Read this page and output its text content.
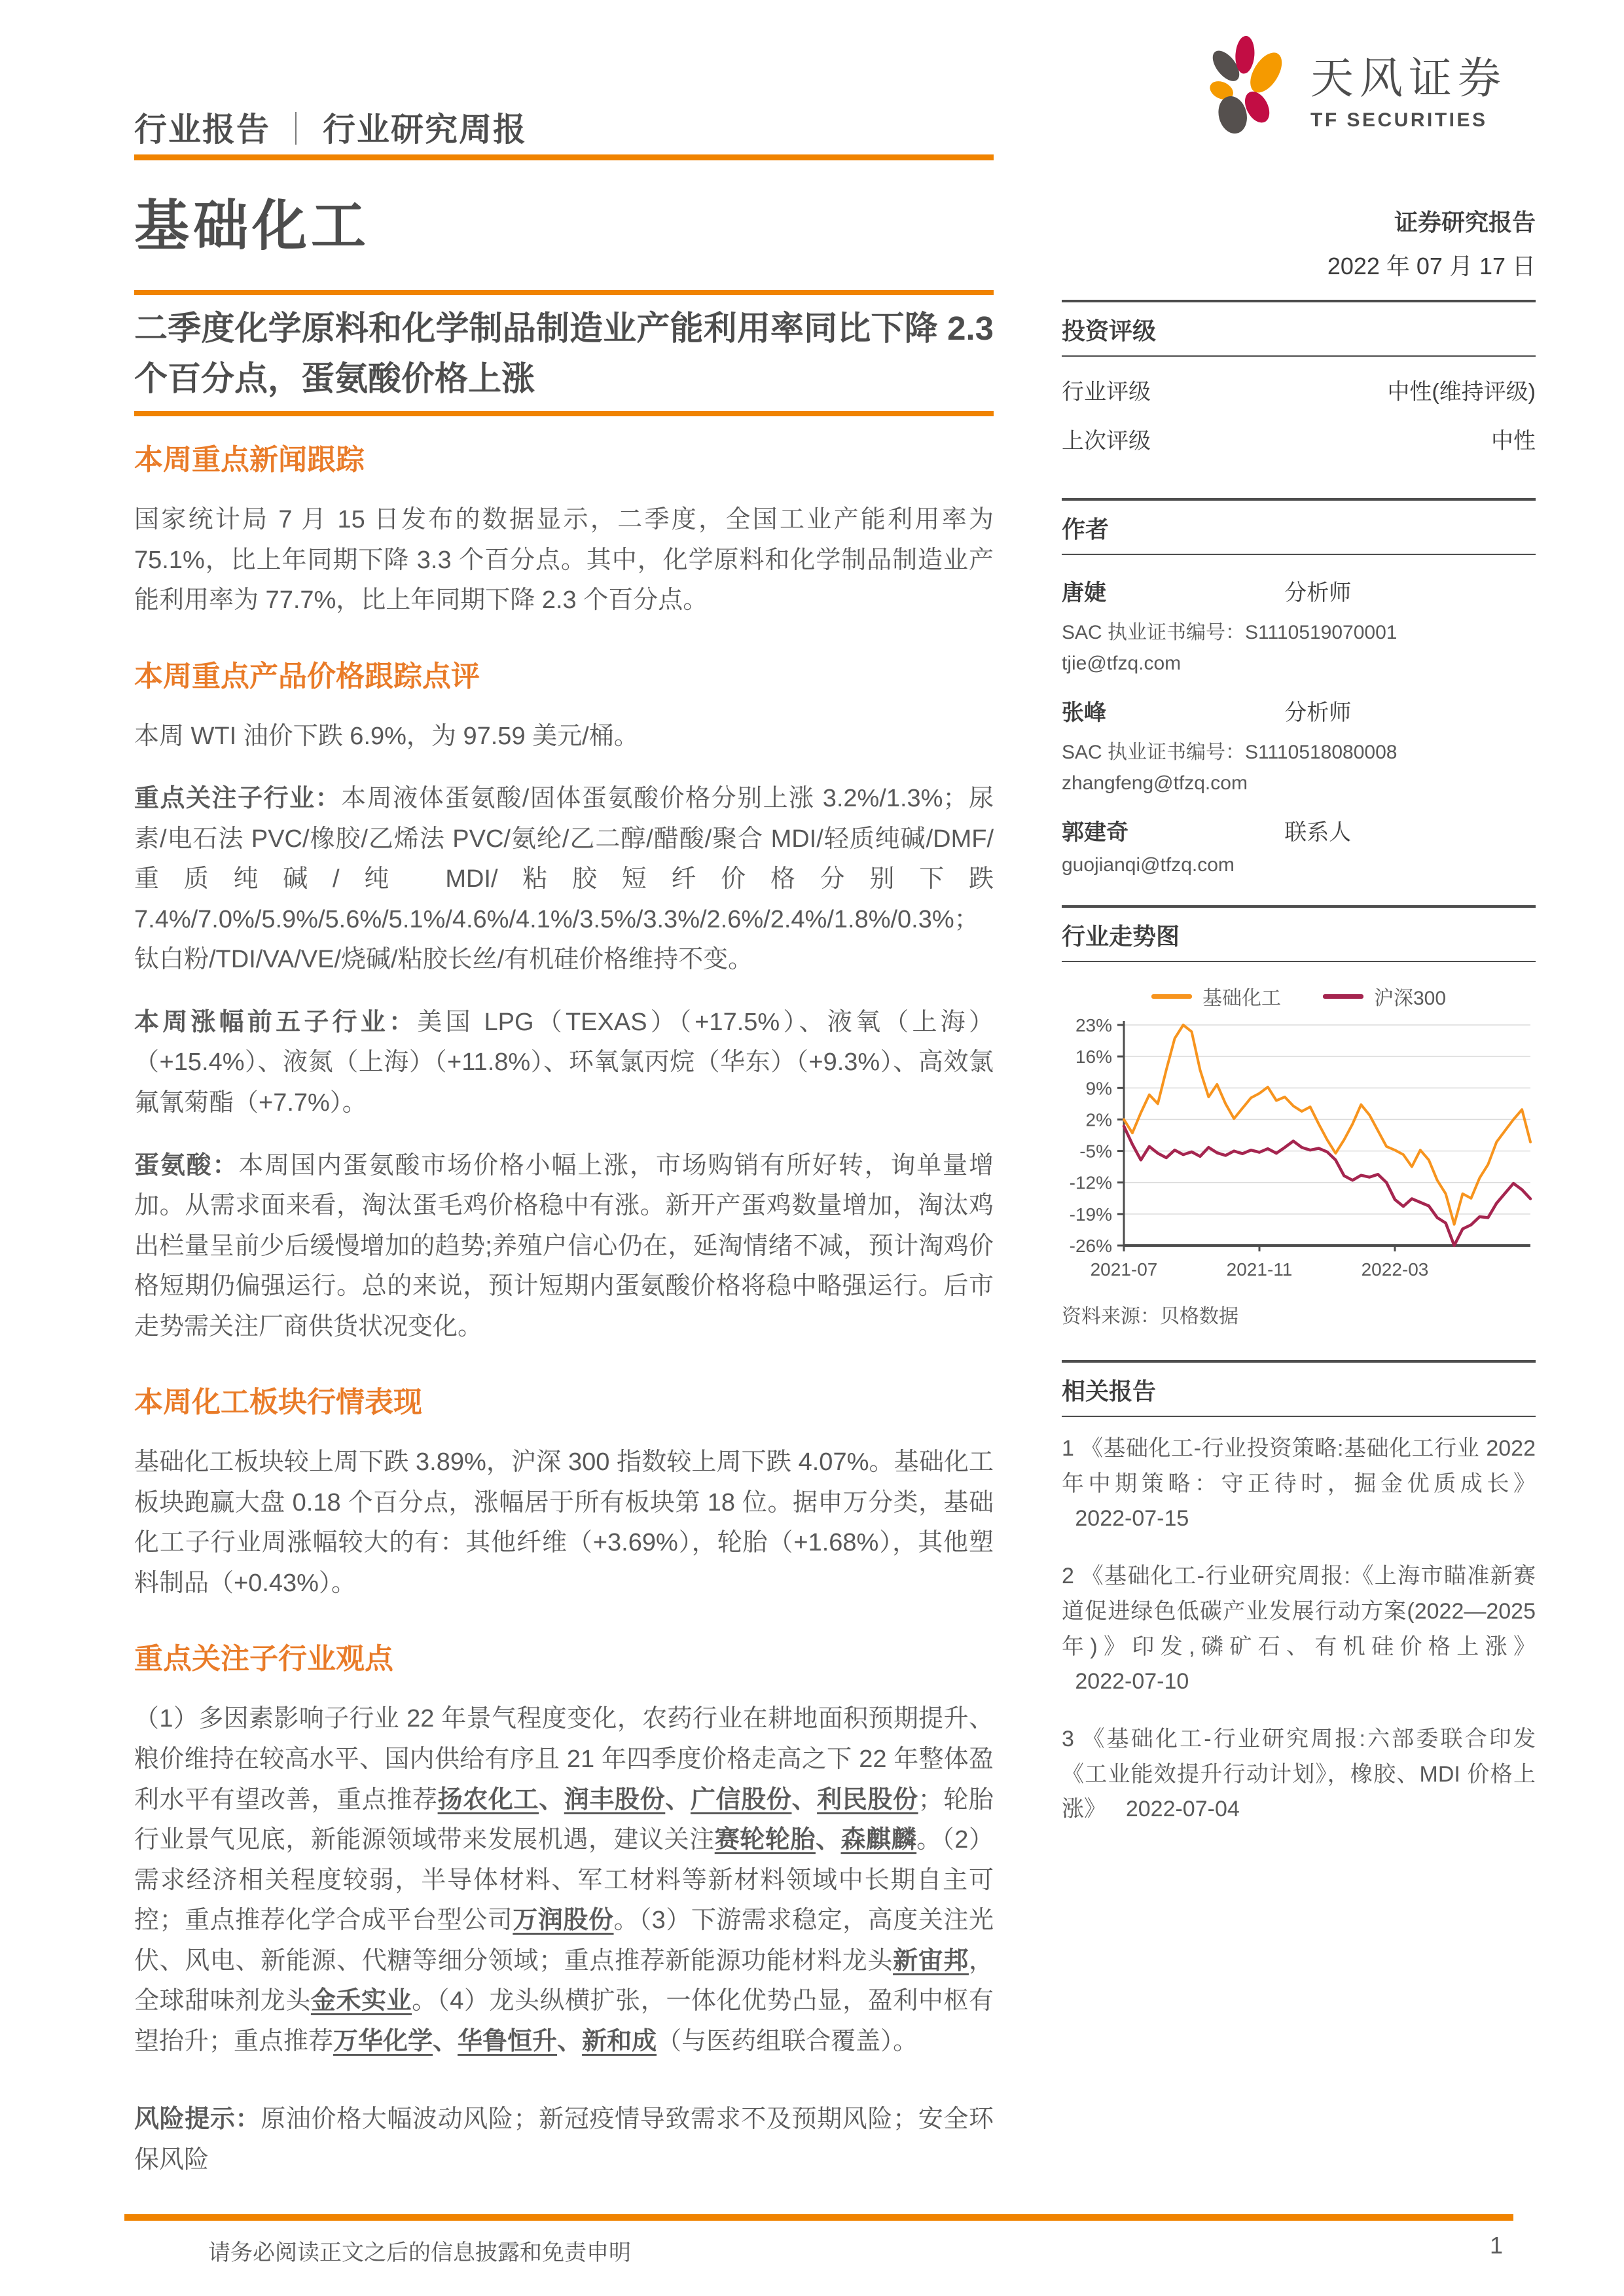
行业报告 ｜ 行业研究周报
天风证券
TF SECURITIES
基础化工
二季度化学原料和化学制品制造业产能利用率同比下降 2.3 个百分点，蛋氨酸价格上涨
本周重点新闻跟踪

国家统计局 7 月 15 日发布的数据显示，二季度，全国工业产能利用率为 75.1%，比上年同期下降 3.3 个百分点。其中，化学原料和化学制品制造业产能利用率为 77.7%，比上年同期下降 2.3 个百分点。

本周重点产品价格跟踪点评

本周 WTI 油价下跌 6.9%，为 97.59 美元/桶。

重点关注子行业：本周液体蛋氨酸/固体蛋氨酸价格分别上涨 3.2%/1.3%；尿素/电石法 PVC/橡胶/乙烯法 PVC/氨纶/乙二醇/醋酸/聚合 MDI/轻质纯碱/DMF/重质纯碱/纯 MDI/粘胶短纤价格分别下跌 7.4%/7.0%/5.9%/5.6%/5.1%/4.6%/4.1%/3.5%/3.3%/2.6%/2.4%/1.8%/0.3%；钛白粉/TDI/VA/VE/烧碱/粘胶长丝/有机硅价格维持不变。

本周涨幅前五子行业：美国 LPG（TEXAS）（+17.5%）、液氧（上海）（+15.4%）、液氮（上海）（+11.8%）、环氧氯丙烷（华东）（+9.3%）、高效氯氟氰菊酯（+7.7%）。

蛋氨酸：本周国内蛋氨酸市场价格小幅上涨，市场购销有所好转，询单量增加。从需求面来看，淘汰蛋毛鸡价格稳中有涨。新开产蛋鸡数量增加，淘汰鸡出栏量呈前少后缓慢增加的趋势;养殖户信心仍在，延淘情绪不减，预计淘鸡价格短期仍偏强运行。总的来说，预计短期内蛋氨酸价格将稳中略强运行。后市走势需关注厂商供货状况变化。

本周化工板块行情表现

基础化工板块较上周下跌 3.89%，沪深 300 指数较上周下跌 4.07%。基础化工板块跑赢大盘 0.18 个百分点，涨幅居于所有板块第 18 位。据申万分类，基础化工子行业周涨幅较大的有：其他纤维（+3.69%），轮胎（+1.68%），其他塑料制品（+0.43%）。

重点关注子行业观点

（1）多因素影响子行业 22 年景气程度变化，农药行业在耕地面积预期提升、粮价维持在较高水平、国内供给有序且 21 年四季度价格走高之下 22 年整体盈利水平有望改善，重点推荐扬农化工、润丰股份、广信股份、利民股份；轮胎行业景气见底，新能源领域带来发展机遇，建议关注赛轮轮胎、森麒麟。（2）需求经济相关程度较弱，半导体材料、军工材料等新材料领域中长期自主可控；重点推荐化学合成平台型公司万润股份。（3）下游需求稳定，高度关注光伏、风电、新能源、代糖等细分领域；重点推荐新能源功能材料龙头新宙邦，全球甜味剂龙头金禾实业。（4）龙头纵横扩张，一体化优势凸显，盈利中枢有望抬升；重点推荐万华化学、华鲁恒升、新和成（与医药组联合覆盖）。

风险提示：原油价格大幅波动风险；新冠疫情导致需求不及预期风险；安全环保风险

证券研究报告
2022 年 07 月 17 日
投资评级
行业评级	中性(维持评级)
上次评级	中性
作者
唐婕	分析师
SAC 执业证书编号：S1110519070001
tjie@tfzq.com
张峰	分析师
SAC 执业证书编号：S1110518080008
zhangfeng@tfzq.com
郭建奇	联系人
guojianqi@tfzq.com
行业走势图
基础化工	沪深300
23%
16%
9%
2%
-5%
-12%
-19%
-26%
2021-07	2021-11	2022-03
资料来源：贝格数据
相关报告

1 《基础化工-行业投资策略:基础化工行业 2022 年中期策略：守正待时，掘金优质成长》 2022-07-15

2 《基础化工-行业研究周报:《上海市瞄准新赛道促进绿色低碳产业发展行动方案(2022—2025 年)》印发,磷矿石、有机硅价格上涨》 2022-07-10

3 《基础化工-行业研究周报:六部委联合印发《工业能效提升行动计划》，橡胶、MDI 价格上涨》 2022-07-04

请务必阅读正文之后的信息披露和免责申明	1
